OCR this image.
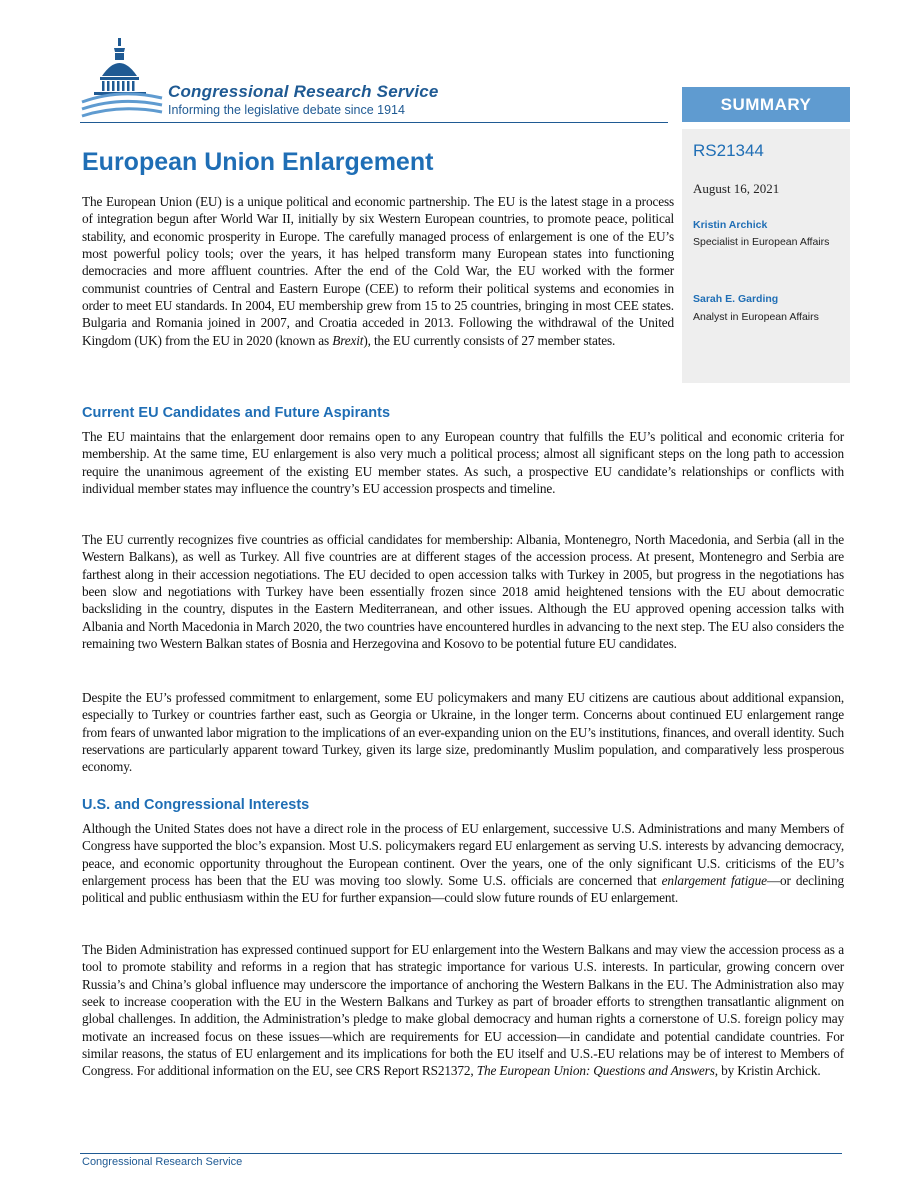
Congressional Research Service
Informing the legislative debate since 1914	SUMMARY
RS21344
August 16, 2021
Kristin Archick
Specialist in European Affairs
Sarah E. Garding
Analyst in European Affairs
European Union Enlargement

The European Union (EU) is a unique political and economic partnership. The EU is the latest stage in a process of integration begun after World War II, initially by six Western European countries, to promote peace, political stability, and economic prosperity in Europe. The carefully managed process of enlargement is one of the EU’s most powerful policy tools; over the years, it has helped transform many European states into functioning democracies and more affluent countries. After the end of the Cold War, the EU worked with the former communist countries of Central and Eastern Europe (CEE) to reform their political systems and economies in order to meet EU standards. In 2004, EU membership grew from 15 to 25 countries, bringing in most CEE states. Bulgaria and Romania joined in 2007, and Croatia acceded in 2013. Following the withdrawal of the United Kingdom (UK) from the EU in 2020 (known as Brexit), the EU currently consists of 27 member states.

Current EU Candidates and Future Aspirants

The EU maintains that the enlargement door remains open to any European country that fulfills the EU’s political and economic criteria for membership. At the same time, EU enlargement is also very much a political process; almost all significant steps on the long path to accession require the unanimous agreement of the existing EU member states. As such, a prospective EU candidate’s relationships or conflicts with individual member states may influence the country’s EU accession prospects and timeline.

The EU currently recognizes five countries as official candidates for membership: Albania, Montenegro, North Macedonia, and Serbia (all in the Western Balkans), as well as Turkey. All five countries are at different stages of the accession process. At present, Montenegro and Serbia are farthest along in their accession negotiations. The EU decided to open accession talks with Turkey in 2005, but progress in the negotiations has been slow and negotiations with Turkey have been essentially frozen since 2018 amid heightened tensions with the EU about democratic backsliding in the country, disputes in the Eastern Mediterranean, and other issues. Although the EU approved opening accession talks with Albania and North Macedonia in March 2020, the two countries have encountered hurdles in advancing to the next step. The EU also considers the remaining two Western Balkan states of Bosnia and Herzegovina and Kosovo to be potential future EU candidates.

Despite the EU’s professed commitment to enlargement, some EU policymakers and many EU citizens are cautious about additional expansion, especially to Turkey or countries farther east, such as Georgia or Ukraine, in the longer term. Concerns about continued EU enlargement range from fears of unwanted labor migration to the implications of an ever-expanding union on the EU’s institutions, finances, and overall identity. Such reservations are particularly apparent toward Turkey, given its large size, predominantly Muslim population, and comparatively less prosperous economy.

U.S. and Congressional Interests

Although the United States does not have a direct role in the process of EU enlargement, successive U.S. Administrations and many Members of Congress have supported the bloc’s expansion. Most U.S. policymakers regard EU enlargement as serving U.S. interests by advancing democracy, peace, and economic opportunity throughout the European continent. Over the years, one of the only significant U.S. criticisms of the EU’s enlargement process has been that the EU was moving too slowly. Some U.S. officials are concerned that enlargement fatigue—or declining political and public enthusiasm within the EU for further expansion—could slow future rounds of EU enlargement.

The Biden Administration has expressed continued support for EU enlargement into the Western Balkans and may view the accession process as a tool to promote stability and reforms in a region that has strategic importance for various U.S. interests. In particular, growing concern over Russia’s and China’s global influence may underscore the importance of anchoring the Western Balkans in the EU. The Administration also may seek to increase cooperation with the EU in the Western Balkans and Turkey as part of broader efforts to strengthen transatlantic alignment on global challenges. In addition, the Administration’s pledge to make global democracy and human rights a cornerstone of U.S. foreign policy may motivate an increased focus on these issues—which are requirements for EU accession—in candidate and potential candidate countries. For similar reasons, the status of EU enlargement and its implications for both the EU itself and U.S.-EU relations may be of interest to Members of Congress. For additional information on the EU, see CRS Report RS21372, The European Union: Questions and Answers, by Kristin Archick.

Congressional Research Service
